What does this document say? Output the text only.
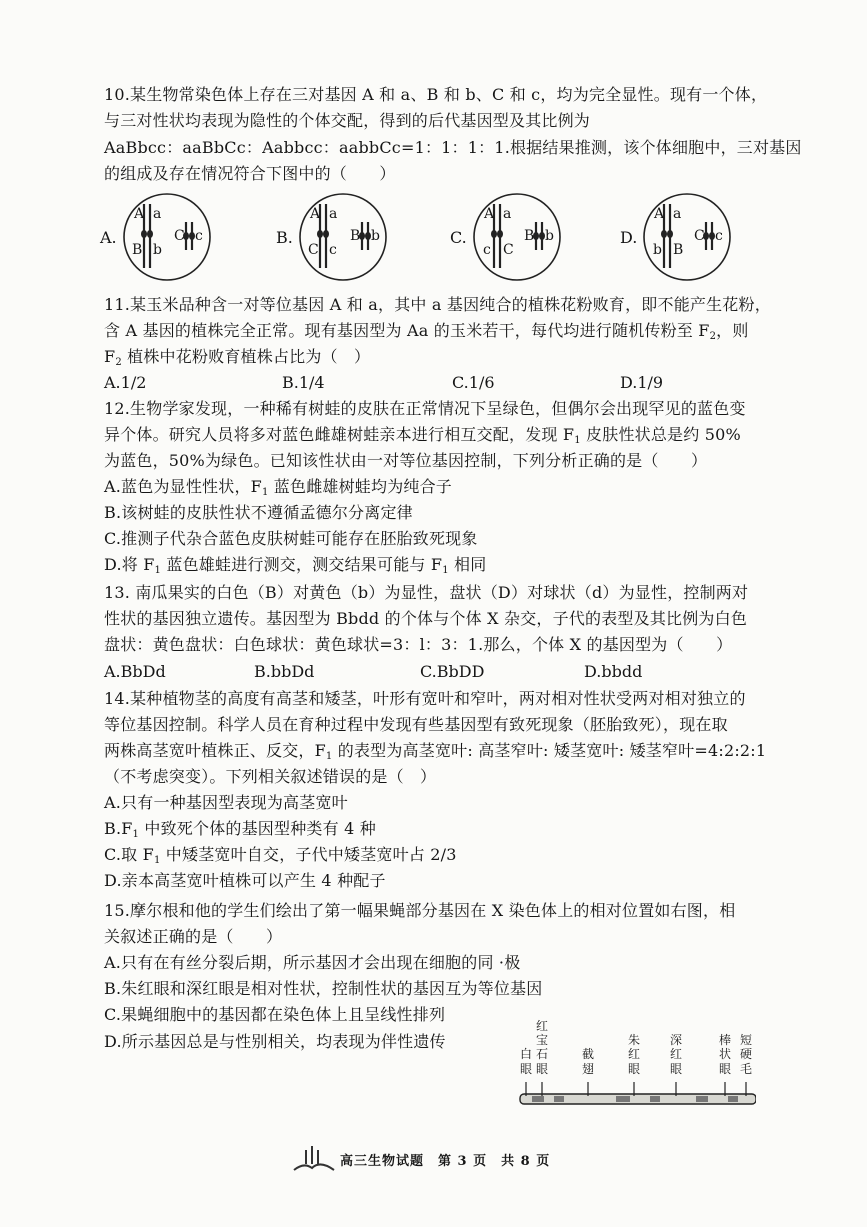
10.某生物常染色体上存在三对基因 A 和 a、B 和 b、C 和 c，均为完全显性。现有一个体，
与三对性状均表现为隐性的个体交配，得到的后代基因型及其比例为
AaBbcc：aaBbCc：Aabbcc：aabbCc=1：1：1：1.根据结果推测，该个体细胞中，三对基因
的组成及存在情况符合下图中的（　　）
A.
A a
B b
C c	B.
A a
C c
B b	C.
A a
c C
B b	D.
A a
b B
C c
11.某玉米品种含一对等位基因 A 和 a，其中 a 基因纯合的植株花粉败育，即不能产生花粉，
含 A 基因的植株完全正常。现有基因型为 Aa 的玉米若干，每代均进行随机传粉至 $F_2$，则
$F_2$ 植株中花粉败育植株占比为（　）
A.1/2	B.1/4	C.1/6	D.1/9
12.生物学家发现，一种稀有树蛙的皮肤在正常情况下呈绿色，但偶尔会出现罕见的蓝色变
异个体。研究人员将多对蓝色雌雄树蛙亲本进行相互交配，发现 $F_1$ 皮肤性状总是约 50%
为蓝色，50%为绿色。已知该性状由一对等位基因控制，下列分析正确的是（　　）
A.蓝色为显性性状，$F_1$ 蓝色雌雄树蛙均为纯合子
B.该树蛙的皮肤性状不遵循孟德尔分离定律
C.推测子代杂合蓝色皮肤树蛙可能存在胚胎致死现象
D.将 $F_1$ 蓝色雄蛙进行测交，测交结果可能与 $F_1$ 相同
13. 南瓜果实的白色（B）对黄色（b）为显性，盘状（D）对球状（d）为显性，控制两对
性状的基因独立遗传。基因型为 Bbdd 的个体与个体 X 杂交，子代的表型及其比例为白色
盘状：黄色盘状：白色球状：黄色球状=3：l：3：1.那么，个体 X 的基因型为（　　）
A.BbDd	B.bbDd	C.BbDD	D.bbdd
14.某种植物茎的高度有高茎和矮茎，叶形有宽叶和窄叶，两对相对性状受两对相对独立的
等位基因控制。科学人员在育种过程中发现有些基因型有致死现象（胚胎致死），现在取
两株高茎宽叶植株正、反交，$F_1$ 的表型为高茎宽叶: 高茎窄叶: 矮茎宽叶: 矮茎窄叶=4:2:2:1
（不考虑突变）。下列相关叙述错误的是（　）
A.只有一种基因型表现为高茎宽叶
$B.F_1$ 中致死个体的基因型种类有 4 种
C.取 $F_1$ 中矮茎宽叶自交，子代中矮茎宽叶占 2/3
D.亲本高茎宽叶植株可以产生 4 种配子
15.摩尔根和他的学生们绘出了第一幅果蝇部分基因在 X 染色体上的相对位置如右图，相
关叙述正确的是（　　）
A.只有在有丝分裂后期，所示基因才会出现在细胞的同 ·极
B.朱红眼和深红眼是相对性状，控制性状的基因互为等位基因
C.果蝇细胞中的基因都在染色体上且呈线性排列
D.所示基因总是与性别相关，均表现为伴性遗传
白眼
红宝石眼
截翅
朱红眼
深红眼
棒状眼
短硬毛
高三生物试题　第 3 页　共 8 页
